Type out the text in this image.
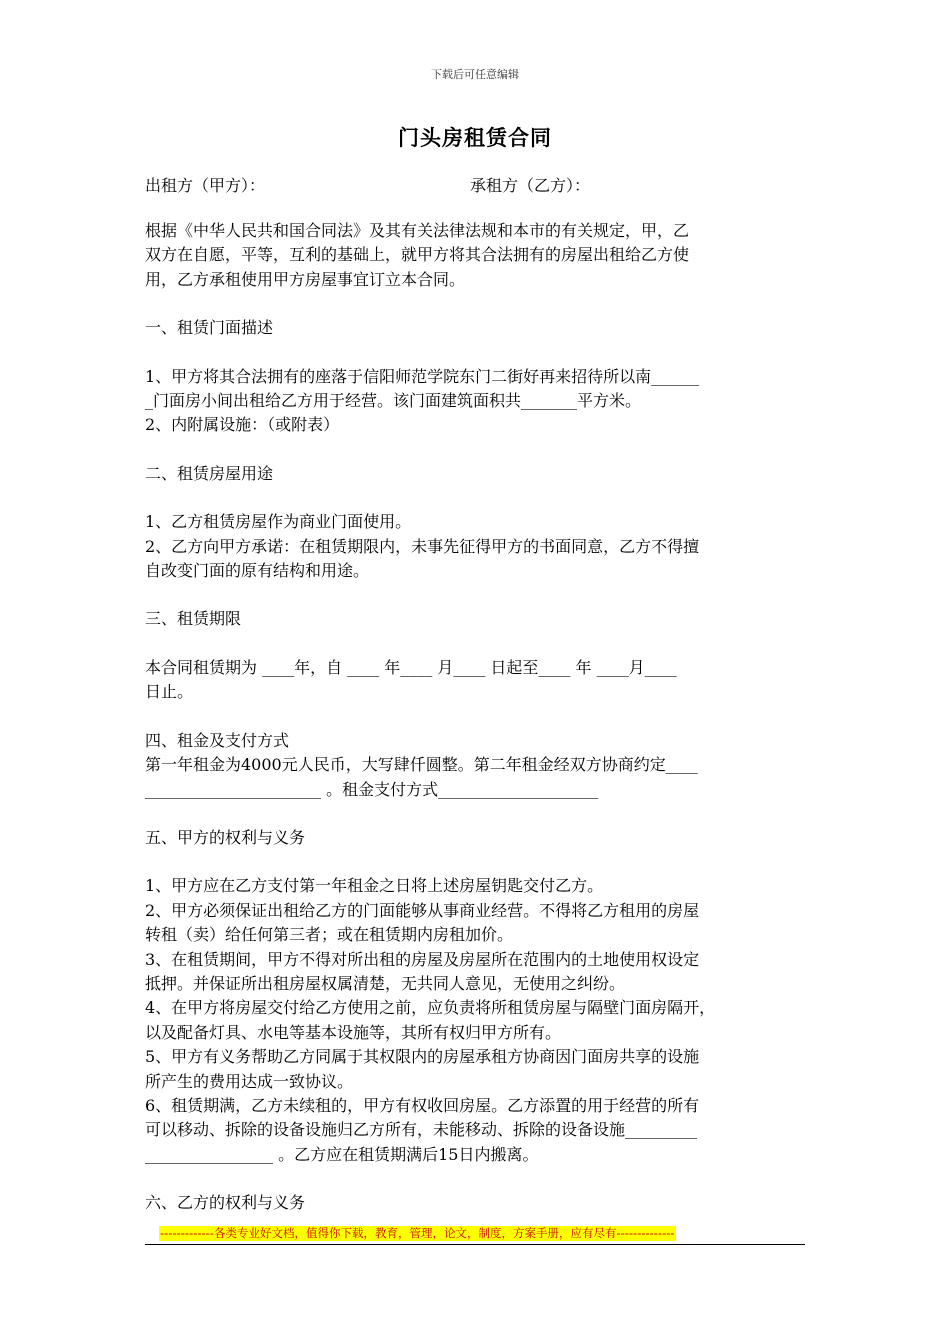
下载后可任意编辑
门头房租赁合同
出租方（甲方）：	承租方（乙方）：

根据《中华人民共和国合同法》及其有关法律法规和本市的有关规定，甲，乙

双方在自愿，平等，互利的基础上，就甲方将其合法拥有的房屋出租给乙方使

用，乙方承租使用甲方房屋事宜订立本合同。

一、租赁门面描述

1、甲方将其合法拥有的座落于信阳师范学院东门二街好再来招待所以南______

_门面房小间出租给乙方用于经营。该门面建筑面积共_______平方米。

2、内附属设施：（或附表）

二、租赁房屋用途

1、乙方租赁房屋作为商业门面使用。

2、乙方向甲方承诺：在租赁期限内，未事先征得甲方的书面同意，乙方不得擅

自改变门面的原有结构和用途。

三、租赁期限

本合同租赁期为 ____年，自 ____ 年____ 月____ 日起至____ 年 ____月____

日止。

四、租金及支付方式

第一年租金为4000元人民币，大写肆仟圆整。第二年租金经双方协商约定____

______________________ 。租金支付方式____________________

五、甲方的权利与义务

1、甲方应在乙方支付第一年租金之日将上述房屋钥匙交付乙方。

2、甲方必须保证出租给乙方的门面能够从事商业经营。不得将乙方租用的房屋

转租（卖）给任何第三者；或在租赁期内房租加价。

3、在租赁期间，甲方不得对所出租的房屋及房屋所在范围内的土地使用权设定

抵押。并保证所出租房屋权属清楚，无共同人意见，无使用之纠纷。

4、在甲方将房屋交付给乙方使用之前，应负责将所租赁房屋与隔壁门面房隔开，

以及配备灯具、水电等基本设施等，其所有权归甲方所有。

5、甲方有义务帮助乙方同属于其权限内的房屋承租方协商因门面房共享的设施

所产生的费用达成一致协议。

6、租赁期满，乙方未续租的，甲方有权收回房屋。乙方添置的用于经营的所有

可以移动、拆除的设备设施归乙方所有，未能移动、拆除的设备设施_________

________________ 。乙方应在租赁期满后15日内搬离。

六、乙方的权利与义务

-------------各类专业好文档，值得你下载，教育，管理，论文，制度，方案手册，应有尽有--------------
